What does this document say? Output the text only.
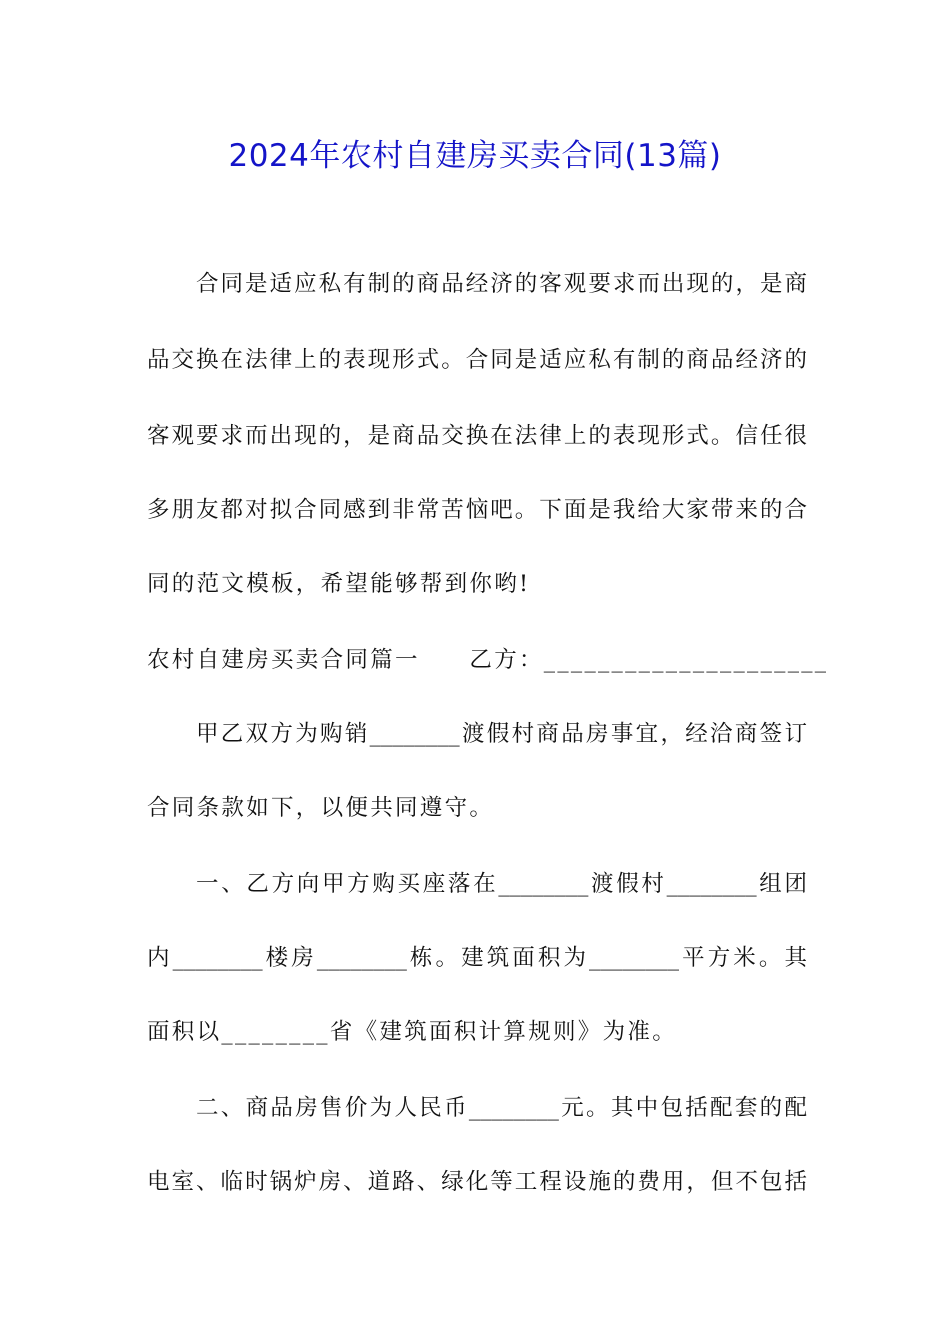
2024年农村自建房买卖合同(13篇)
合同是适应私有制的商品经济的客观要求而出现的，是商
品交换在法律上的表现形式。合同是适应私有制的商品经济的
客观要求而出现的，是商品交换在法律上的表现形式。信任很
多朋友都对拟合同感到非常苦恼吧。下面是我给大家带来的合
同的范文模板，希望能够帮到你哟!
农村自建房买卖合同篇一　　乙方：_____________________
甲乙双方为购销________渡假村商品房事宜，经洽商签订
合同条款如下，以便共同遵守。
一、乙方向甲方购买座落在________渡假村________组团
内________楼房________栋。建筑面积为________平方米。其
面积以________省《建筑面积计算规则》为准。
二、商品房售价为人民币________元。其中包括配套的配
电室、临时锅炉房、道路、绿化等工程设施的费用，但不包括
